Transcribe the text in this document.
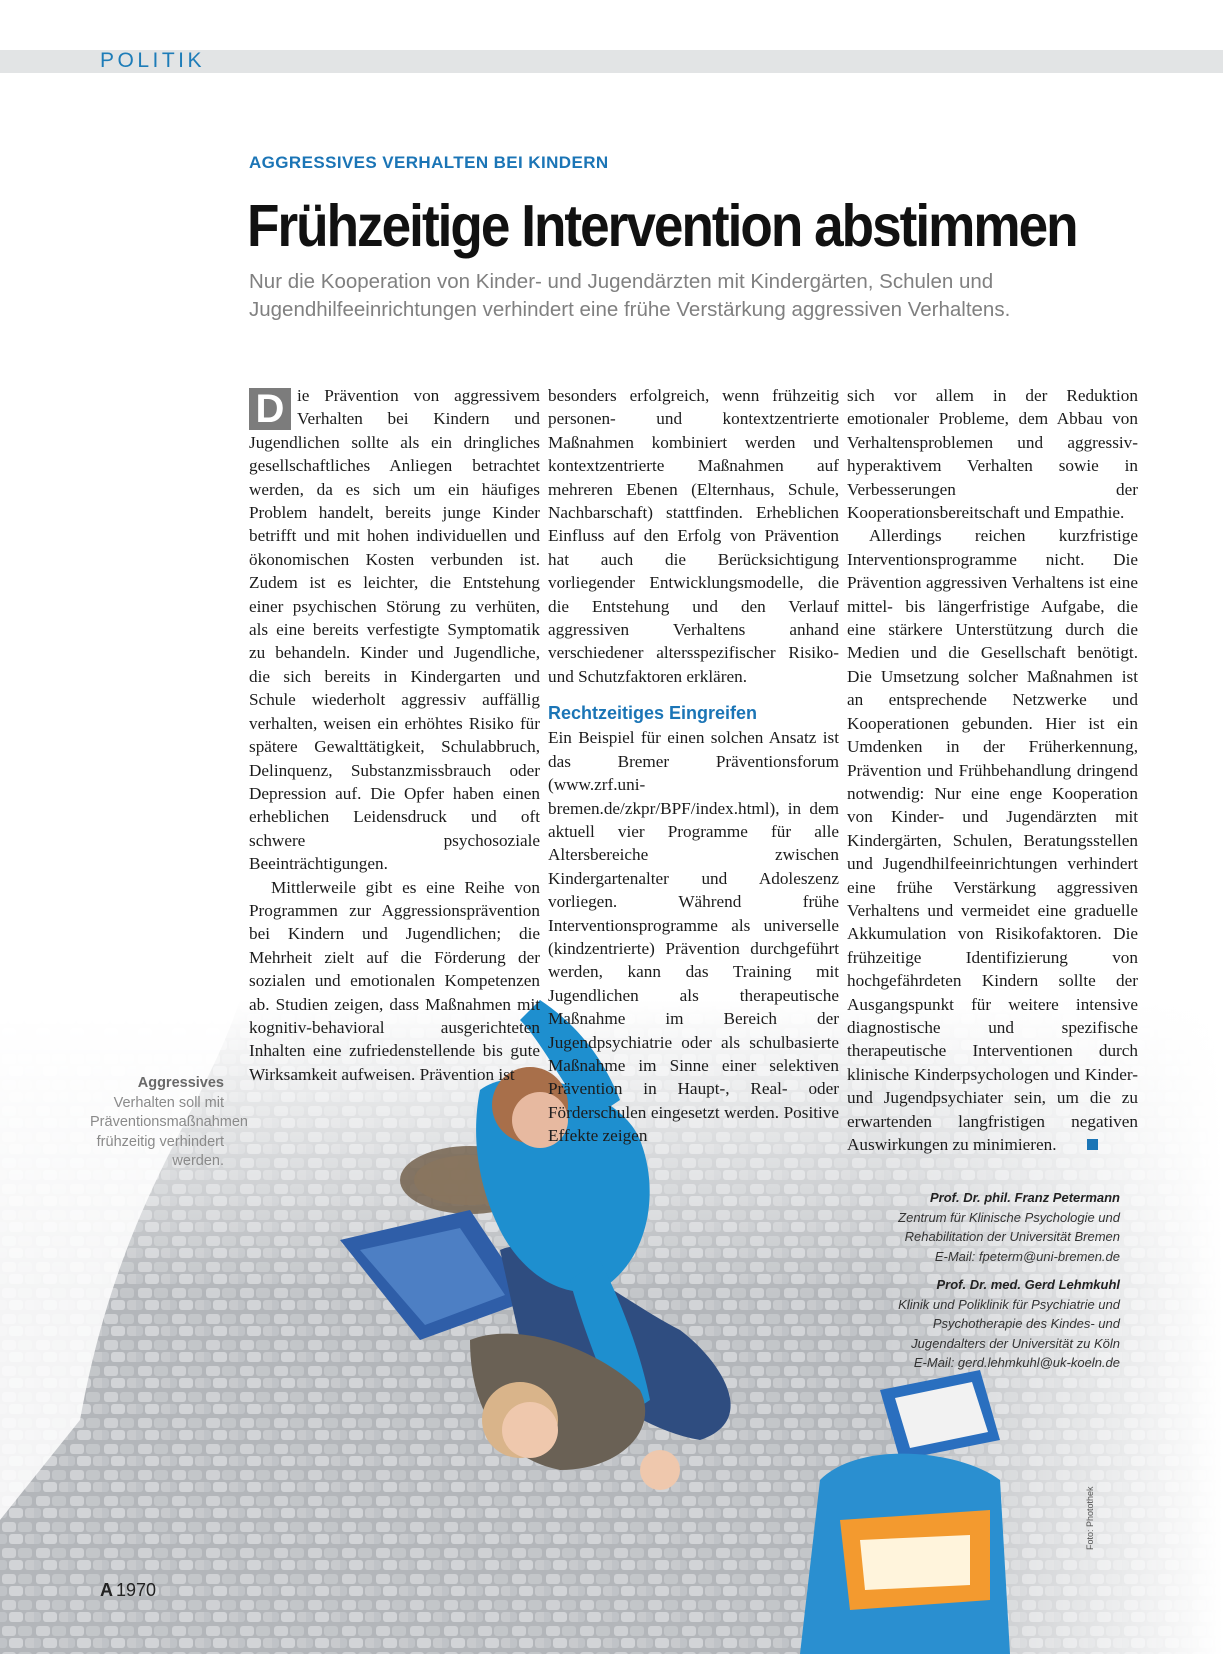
POLITIK
AGGRESSIVES VERHALTEN BEI KINDERN
Frühzeitige Intervention abstimmen
Nur die Kooperation von Kinder- und Jugendärzten mit Kindergärten, Schulen und Jugendhilfeeinrichtungen verhindert eine frühe Verstärkung aggressiven Verhaltens.

D ie Prävention von aggressivem Verhalten bei Kindern und Jugendlichen sollte als ein dringliches gesellschaftliches Anliegen betrachtet werden, da es sich um ein häufiges Problem handelt, bereits junge Kinder betrifft und mit hohen individuellen und ökonomischen Kosten verbunden ist. Zudem ist es leichter, die Entstehung einer psychischen Störung zu verhüten, als eine bereits verfestigte Symptomatik zu behandeln. Kinder und Jugendliche, die sich bereits in Kindergarten und Schule wiederholt aggressiv auffällig verhalten, weisen ein erhöhtes Risiko für spätere Gewalttätigkeit, Schulabbruch, Delinquenz, Substanzmissbrauch oder Depression auf. Die Opfer haben einen erheblichen Leidensdruck und oft schwere psychosoziale Beeinträchtigungen.

Mittlerweile gibt es eine Reihe von Programmen zur Aggressionsprävention bei Kindern und Jugendlichen; die Mehrheit zielt auf die Förderung der sozialen und emotionalen Kompetenzen ab. Studien zeigen, dass Maßnahmen mit kognitiv-behavioral ausgerichteten Inhalten eine zufriedenstellende bis gute Wirksamkeit aufweisen. Prävention ist

besonders erfolgreich, wenn frühzeitig personen- und kontextzentrierte Maßnahmen kombiniert werden und kontextzentrierte Maßnahmen auf mehreren Ebenen (Elternhaus, Schule, Nachbarschaft) stattfinden. Erheblichen Einfluss auf den Erfolg von Prävention hat auch die Berücksichtigung vorliegender Entwicklungsmodelle, die die Entstehung und den Verlauf aggressiven Verhaltens anhand verschiedener altersspezifischer Risiko- und Schutzfaktoren erklären.

Rechtzeitiges Eingreifen

Ein Beispiel für einen solchen Ansatz ist das Bremer Präventionsforum (www.zrf.uni-bremen.de/zkpr/BPF/index.html), in dem aktuell vier Programme für alle Altersbereiche zwischen Kindergartenalter und Adoleszenz vorliegen. Während frühe Interventionsprogramme als universelle (kindzentrierte) Prävention durchgeführt werden, kann das Training mit Jugendlichen als therapeutische Maßnahme im Bereich der Jugendpsychiatrie oder als schulbasierte Maßnahme im Sinne einer selektiven Prävention in Haupt-, Real- oder Förderschulen eingesetzt werden. Positive Effekte zeigen

sich vor allem in der Reduktion emotionaler Probleme, dem Abbau von Verhaltensproblemen und aggressiv-hyperaktivem Verhalten sowie in Verbesserungen der Kooperationsbereitschaft und Empathie.

Allerdings reichen kurzfristige Interventionsprogramme nicht. Die Prävention aggressiven Verhaltens ist eine mittel- bis längerfristige Aufgabe, die eine stärkere Unterstützung durch die Medien und die Gesellschaft benötigt. Die Umsetzung solcher Maßnahmen ist an entsprechende Netzwerke und Kooperationen gebunden. Hier ist ein Umdenken in der Früherkennung, Prävention und Frühbehandlung dringend notwendig: Nur eine enge Kooperation von Kinder- und Jugendärzten mit Kindergärten, Schulen, Beratungsstellen und Jugendhilfeeinrichtungen verhindert eine frühe Verstärkung aggressiven Verhaltens und vermeidet eine graduelle Akkumulation von Risikofaktoren. Die frühzeitige Identifizierung von hochgefährdeten Kindern sollte der Ausgangspunkt für weitere intensive diagnostische und spezifische therapeutische Interventionen durch klinische Kinderpsychologen und Kinder- und Jugendpsychiater sein, um die zu erwartenden langfristigen negativen Auswirkungen zu minimieren.

Aggressives Verhalten soll mit Präventionsmaßnahmen frühzeitig verhindert werden.
Prof. Dr. phil. Franz Petermann
Zentrum für Klinische Psychologie und
Rehabilitation der Universität Bremen
E-Mail: fpeterm@uni-bremen.de
Prof. Dr. med. Gerd Lehmkuhl
Klinik und Poliklinik für Psychiatrie und
Psychotherapie des Kindes- und
Jugendalters der Universität zu Köln
E-Mail: gerd.lehmkuhl@uk-koeln.de
Foto: Photothek
A 1970
